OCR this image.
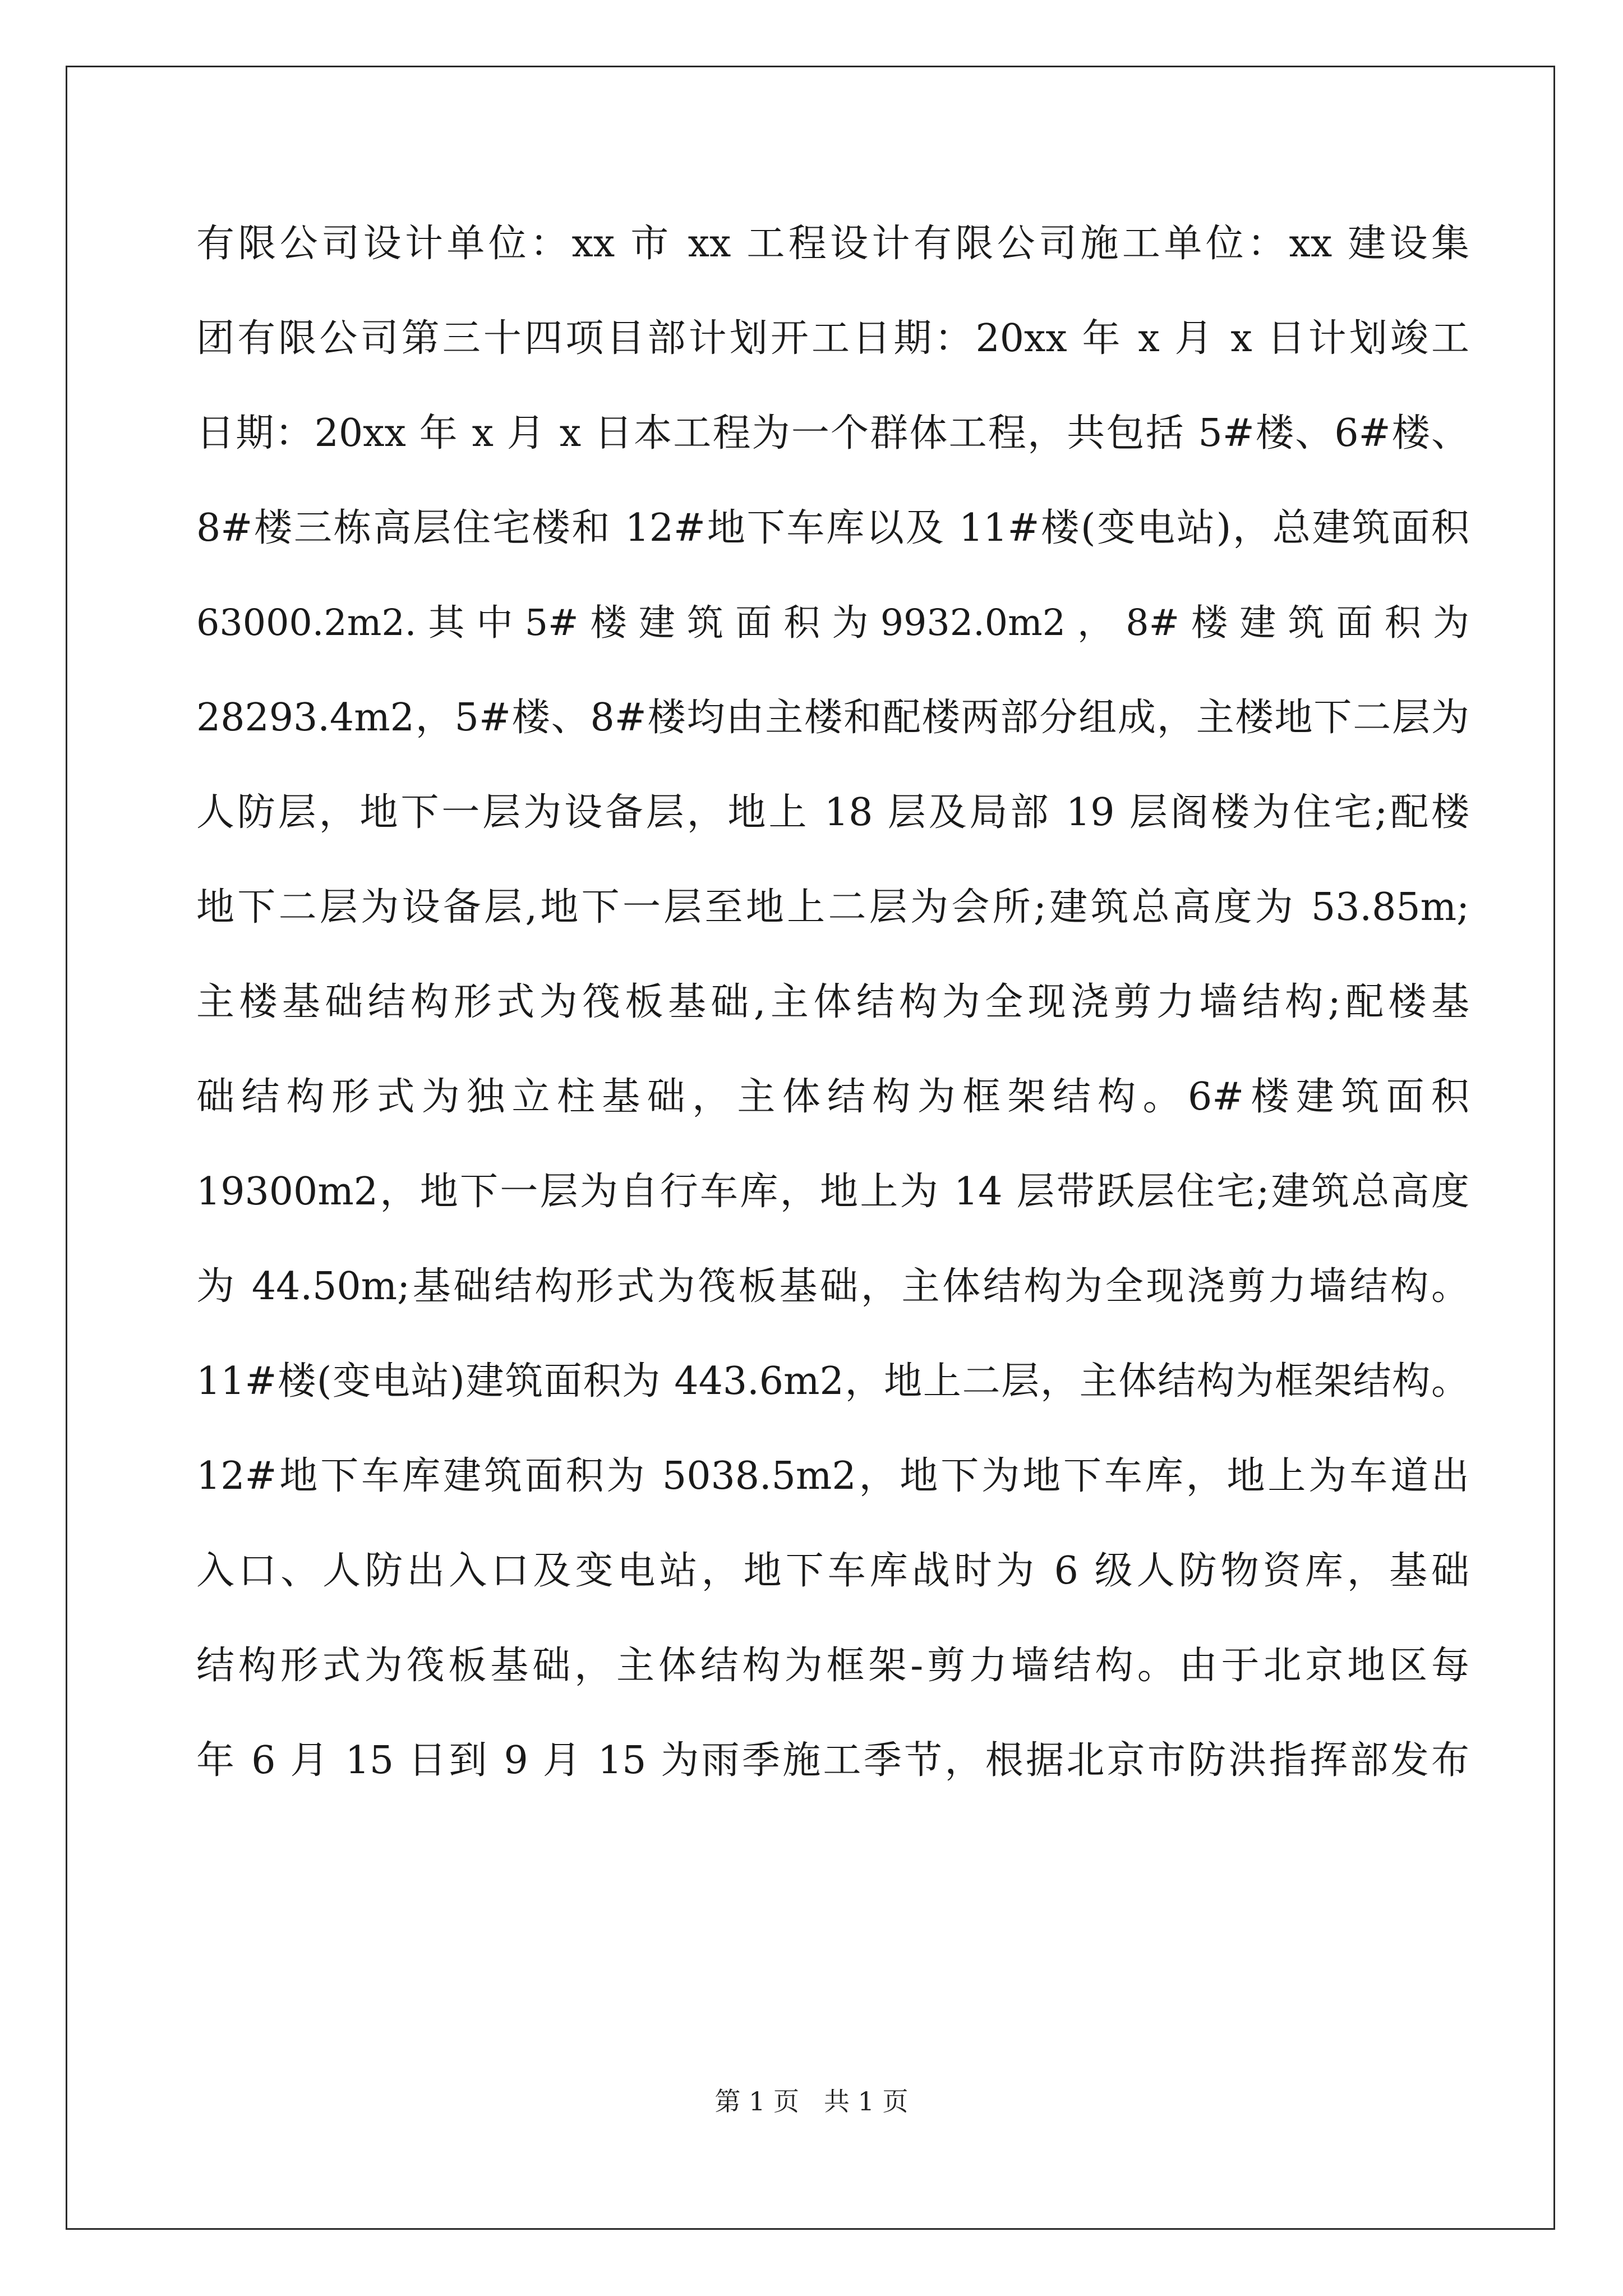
有限公司设计单位：xx 市 xx 工程设计有限公司施工单位：xx 建设集
团有限公司第三十四项目部计划开工日期：20xx 年 x 月 x 日计划竣工
日期：20xx 年 x 月 x 日本工程为一个群体工程，共包括 5#楼、6#楼、
8#楼三栋高层住宅楼和 12#地下车库以及 11#楼(变电站)，总建筑面积
63000.2m2. 其 中 5# 楼 建 筑 面 积 为 9932.0m2 ， 8# 楼 建 筑 面 积 为
28293.4m2，5#楼、8#楼均由主楼和配楼两部分组成，主楼地下二层为
人防层，地下一层为设备层，地上 18 层及局部 19 层阁楼为住宅;配楼
地下二层为设备层,地下一层至地上二层为会所;建筑总高度为 53.85m;
主楼基础结构形式为筏板基础,主体结构为全现浇剪力墙结构;配楼基
础结构形式为独立柱基础，主体结构为框架结构。6#楼建筑面积
19300m2，地下一层为自行车库，地上为 14 层带跃层住宅;建筑总高度
为 44.50m;基础结构形式为筏板基础，主体结构为全现浇剪力墙结构。
11#楼(变电站)建筑面积为 443.6m2，地上二层，主体结构为框架结构。
12#地下车库建筑面积为 5038.5m2，地下为地下车库，地上为车道出
入口、人防出入口及变电站，地下车库战时为 6 级人防物资库，基础
结构形式为筏板基础，主体结构为框架-剪力墙结构。由于北京地区每
年 6 月 15 日到 9 月 15 为雨季施工季节，根据北京市防洪指挥部发布
第 1 页 共 1 页
